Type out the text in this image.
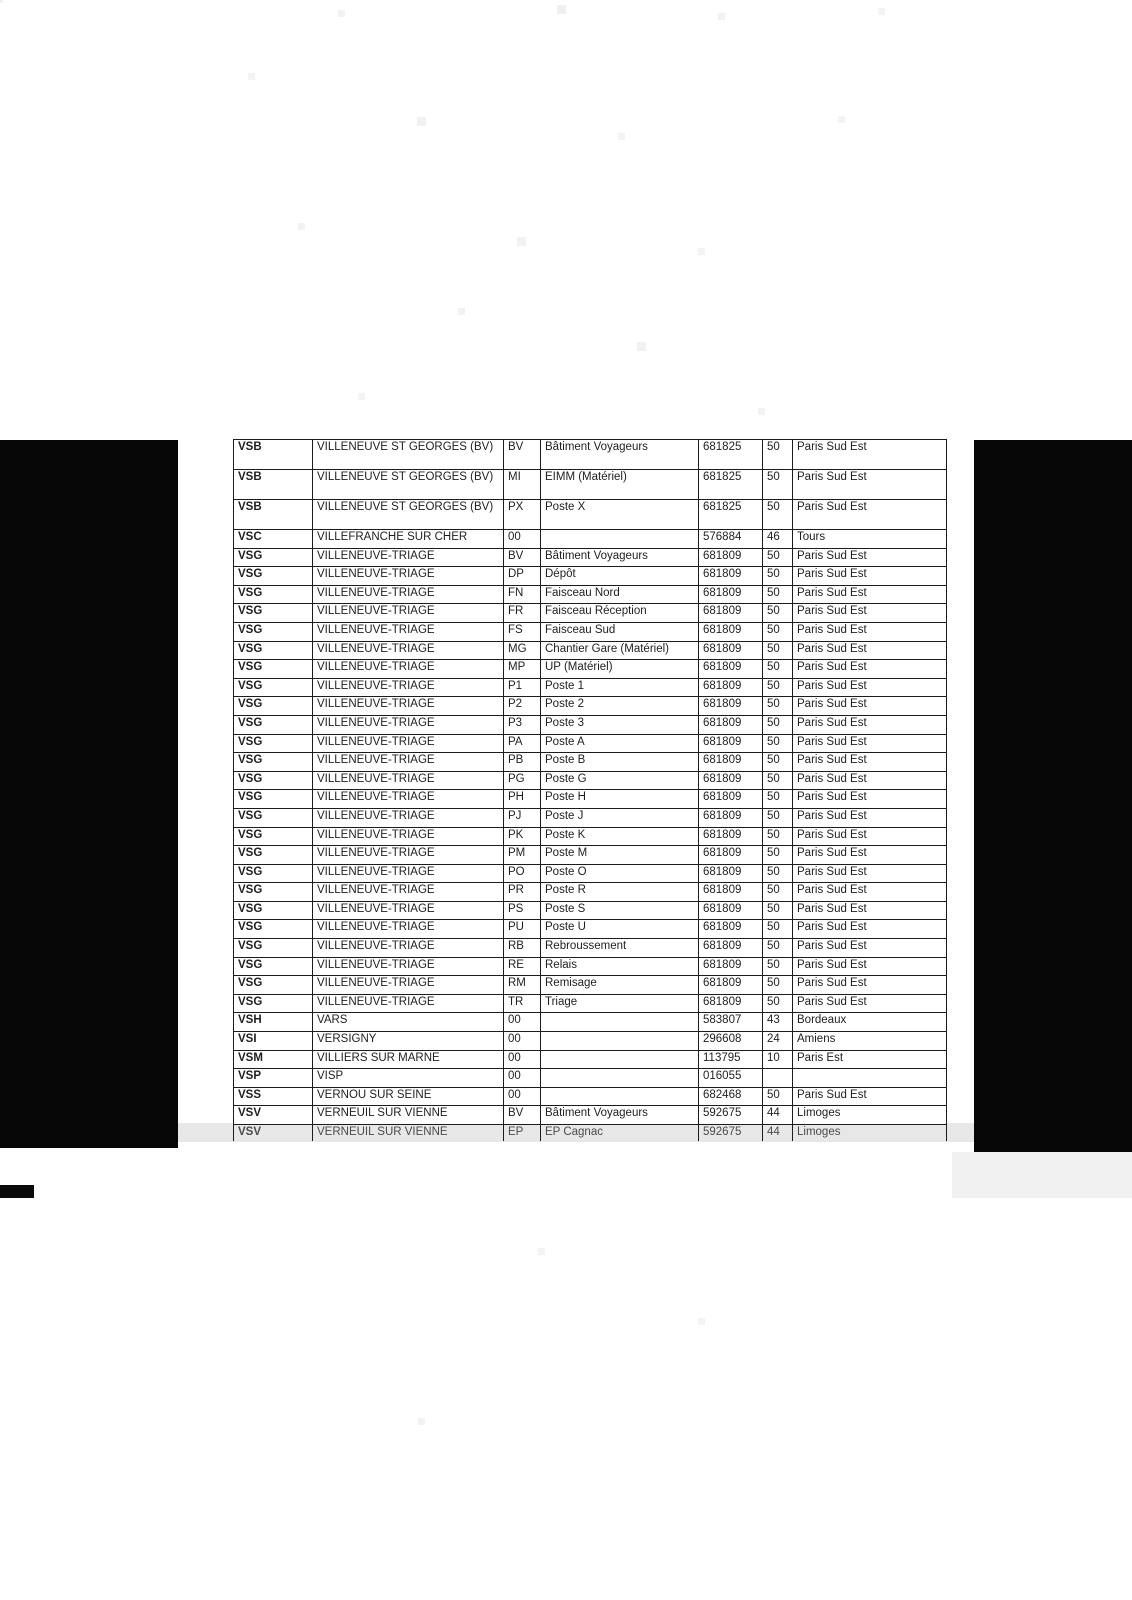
VSB	VILLENEUVE ST GEORGES (BV)	BV	Bâtiment Voyageurs	681825	50	Paris Sud Est
VSB	VILLENEUVE ST GEORGES (BV)	MI	EIMM (Matériel)	681825	50	Paris Sud Est
VSB	VILLENEUVE ST GEORGES (BV)	PX	Poste X	681825	50	Paris Sud Est
VSC	VILLEFRANCHE SUR CHER	00		576884	46	Tours
VSG	VILLENEUVE-TRIAGE	BV	Bâtiment Voyageurs	681809	50	Paris Sud Est
VSG	VILLENEUVE-TRIAGE	DP	Dépôt	681809	50	Paris Sud Est
VSG	VILLENEUVE-TRIAGE	FN	Faisceau Nord	681809	50	Paris Sud Est
VSG	VILLENEUVE-TRIAGE	FR	Faisceau Réception	681809	50	Paris Sud Est
VSG	VILLENEUVE-TRIAGE	FS	Faisceau Sud	681809	50	Paris Sud Est
VSG	VILLENEUVE-TRIAGE	MG	Chantier Gare (Matériel)	681809	50	Paris Sud Est
VSG	VILLENEUVE-TRIAGE	MP	UP (Matériel)	681809	50	Paris Sud Est
VSG	VILLENEUVE-TRIAGE	P1	Poste 1	681809	50	Paris Sud Est
VSG	VILLENEUVE-TRIAGE	P2	Poste 2	681809	50	Paris Sud Est
VSG	VILLENEUVE-TRIAGE	P3	Poste 3	681809	50	Paris Sud Est
VSG	VILLENEUVE-TRIAGE	PA	Poste A	681809	50	Paris Sud Est
VSG	VILLENEUVE-TRIAGE	PB	Poste B	681809	50	Paris Sud Est
VSG	VILLENEUVE-TRIAGE	PG	Poste G	681809	50	Paris Sud Est
VSG	VILLENEUVE-TRIAGE	PH	Poste H	681809	50	Paris Sud Est
VSG	VILLENEUVE-TRIAGE	PJ	Poste J	681809	50	Paris Sud Est
VSG	VILLENEUVE-TRIAGE	PK	Poste K	681809	50	Paris Sud Est
VSG	VILLENEUVE-TRIAGE	PM	Poste M	681809	50	Paris Sud Est
VSG	VILLENEUVE-TRIAGE	PO	Poste O	681809	50	Paris Sud Est
VSG	VILLENEUVE-TRIAGE	PR	Poste R	681809	50	Paris Sud Est
VSG	VILLENEUVE-TRIAGE	PS	Poste S	681809	50	Paris Sud Est
VSG	VILLENEUVE-TRIAGE	PU	Poste U	681809	50	Paris Sud Est
VSG	VILLENEUVE-TRIAGE	RB	Rebroussement	681809	50	Paris Sud Est
VSG	VILLENEUVE-TRIAGE	RE	Relais	681809	50	Paris Sud Est
VSG	VILLENEUVE-TRIAGE	RM	Remisage	681809	50	Paris Sud Est
VSG	VILLENEUVE-TRIAGE	TR	Triage	681809	50	Paris Sud Est
VSH	VARS	00		583807	43	Bordeaux
VSI	VERSIGNY	00		296608	24	Amiens
VSM	VILLIERS SUR MARNE	00		113795	10	Paris Est
VSP	VISP	00		016055		
VSS	VERNOU SUR SEINE	00		682468	50	Paris Sud Est
VSV	VERNEUIL SUR VIENNE	BV	Bâtiment Voyageurs	592675	44	Limoges
VSV	VERNEUIL SUR VIENNE	EP	EP Cagnac	592675	44	Limoges
